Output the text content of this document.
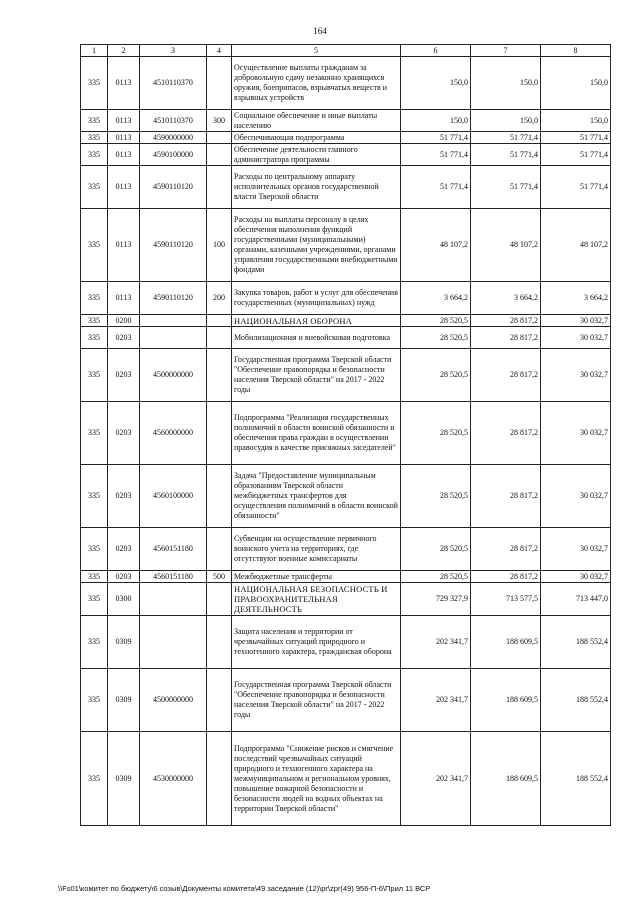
164
1	2	3	4	5	6	7	8
335	0113	4510110370		Осуществление выплаты гражданам за добровольную сдачу незаконно хранящихся оружия, боеприпасов, взрывчатых веществ и взрывных устройств	150,0	150,0	150,0
335	0113	4510110370	300	Социальное обеспечение и иные выплаты населению	150,0	150,0	150,0
335	0113	4590000000		Обеспечивающая подпрограмма	51 771,4	51 771,4	51 771,4
335	0113	4590100000		Обеспечение деятельности главного администратора программы	51 771,4	51 771,4	51 771,4
335	0113	4590110120		Расходы по центральному аппарату исполнительных органов государственной власти Тверской области	51 771,4	51 771,4	51 771,4
335	0113	4590110120	100	Расходы на выплаты персоналу в целях обеспечения выполнения функций государственными (муниципальными) органами, казенными учреждениями, органами управления государственными внебюджетными фондами	48 107,2	48 107,2	48 107,2
335	0113	4590110120	200	Закупка товаров, работ и услуг для обеспечения государственных (муниципальных) нужд	3 664,2	3 664,2	3 664,2
335	0200			НАЦИОНАЛЬНАЯ ОБОРОНА	28 520,5	28 817,2	30 032,7
335	0203			Мобилизационная и вневойсковая подготовка	28 520,5	28 817,2	30 032,7
335	0203	4500000000		Государственная программа Тверской области "Обеспечение правопорядка и безопасности населения Тверской области" на 2017 - 2022 годы	28 520,5	28 817,2	30 032,7
335	0203	4560000000		Подпрограмма "Реализация государственных полномочий в области воинской обязанности и обеспечения права граждан в осуществлении правосудия в качестве присяжных заседателей"	28 520,5	28 817,2	30 032,7
335	0203	4560100000		Задача "Предоставление муниципальным образованиям Тверской области межбюджетных трансфертов для осуществления полномочий в области воинской обязанности"	28 520,5	28 817,2	30 032,7
335	0203	4560151180		Субвенции на осуществление первичного воинского учета на территориях, где отсутствуют военные комиссариаты	28 520,5	28 817,2	30 032,7
335	0203	4560151180	500	Межбюджетные трансферты	28 520,5	28 817,2	30 032,7
335	0300			НАЦИОНАЛЬНАЯ БЕЗОПАСНОСТЬ И ПРАВООХРАНИТЕЛЬНАЯ ДЕЯТЕЛЬНОСТЬ	729 327,9	713 577,5	713 447,0
335	0309			Защита населения и территории от чрезвычайных ситуаций природного и техногенного характера, гражданская оборона	202 341,7	188 609,5	188 552,4
335	0309	4500000000		Государственная программа Тверской области "Обеспечение правопорядка и безопасности населения Тверской области" на 2017 - 2022 годы	202 341,7	188 609,5	188 552,4
335	0309	4530000000		Подпрограмма "Снижение рисков и смягчение последствий чрезвычайных ситуаций природного и техногенного характера на межмуниципальном и региональном уровнях, повышение пожарной безопасности и безопасности людей на водных объектах на территории Тверской области"	202 341,7	188 609,5	188 552,4
\\Fs01\комитет по бюджету\6 созыв\Документы комитета\49 заседание (12)\pr\zpr(49) 956-П-6\Прил 11 ВСР
